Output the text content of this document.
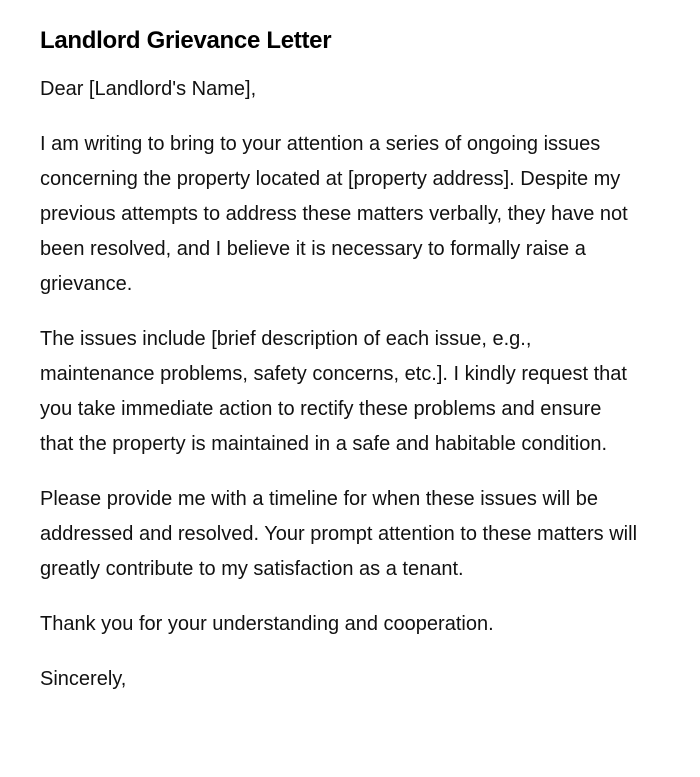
Landlord Grievance Letter

Dear [Landlord's Name],

I am writing to bring to your attention a series of ongoing issues concerning the property located at [property address]. Despite my previous attempts to address these matters verbally, they have not been resolved, and I believe it is necessary to formally raise a grievance.

The issues include [brief description of each issue, e.g., maintenance problems, safety concerns, etc.]. I kindly request that you take immediate action to rectify these problems and ensure that the property is maintained in a safe and habitable condition.

Please provide me with a timeline for when these issues will be addressed and resolved. Your prompt attention to these matters will greatly contribute to my satisfaction as a tenant.

Thank you for your understanding and cooperation.

Sincerely,
